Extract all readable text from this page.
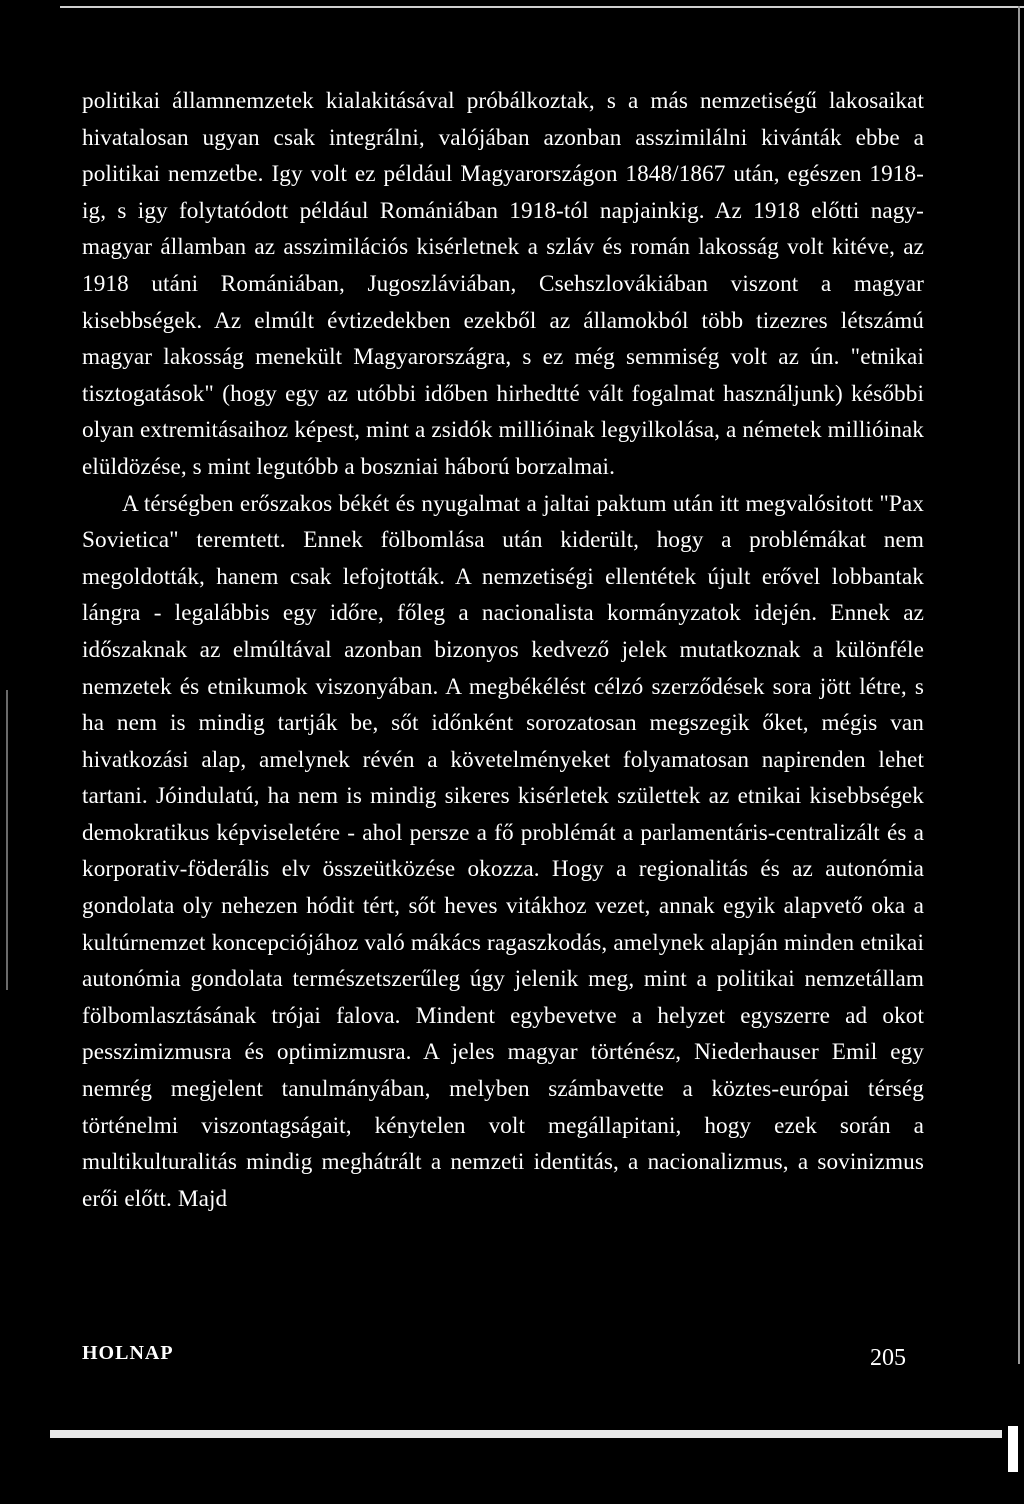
politikai államnemzetek kialakitásával próbálkoztak, s a más nemzetiségű lakosaikat hivatalosan ugyan csak integrálni, valójában azonban asszimilálni kivánták ebbe a politikai nemzetbe. Igy volt ez például Magyarországon 1848/1867 után, egészen 1918-ig, s igy folytatódott például Romániában 1918-tól napjainkig. Az 1918 előtti nagy-magyar államban az asszimilációs kisérletnek a szláv és román lakosság volt kitéve, az 1918 utáni Romániában, Jugoszláviában, Csehszlovákiában viszont a magyar kisebbségek. Az elmúlt évtizedekben ezekből az államokból több tizezres létszámú magyar lakosság menekült Magyarországra, s ez még semmiség volt az ún. "etnikai tisztogatások" (hogy egy az utóbbi időben hirhedtté vált fogalmat használjunk) későbbi olyan extremitásaihoz képest, mint a zsidók millióinak legyilkolása, a németek millióinak elüldözése, s mint legutóbb a boszniai háború borzalmai.

A térségben erőszakos békét és nyugalmat a jaltai paktum után itt megvalósitott "Pax Sovietica" teremtett. Ennek fölbomlása után kiderült, hogy a problémákat nem megoldották, hanem csak lefojtották. A nemzetiségi ellentétek újult erővel lobbantak lángra - legalábbis egy időre, főleg a nacionalista kormányzatok idején. Ennek az időszaknak az elmúltával azonban bizonyos kedvező jelek mutatkoznak a különféle nemzetek és etnikumok viszonyában. A megbékélést célzó szerződések sora jött létre, s ha nem is mindig tartják be, sőt időnként sorozatosan megszegik őket, mégis van hivatkozási alap, amelynek révén a követelményeket folyamatosan napirenden lehet tartani. Jóindulatú, ha nem is mindig sikeres kisérletek születtek az etnikai kisebbségek demokratikus képviseletére - ahol persze a fő problémát a parlamentáris-centralizált és a korporativ-föderális elv összeütközése okozza. Hogy a regionalitás és az autonómia gondolata oly nehezen hódit tért, sőt heves vitákhoz vezet, annak egyik alapvető oka a kultúrnemzet koncepciójához való mákács ragaszkodás, amelynek alapján minden etnikai autonómia gondolata természetszerűleg úgy jelenik meg, mint a politikai nemzetállam fölbomlasztásának trójai falova. Mindent egybevetve a helyzet egyszerre ad okot pesszimizmusra és optimizmusra. A jeles magyar történész, Niederhauser Emil egy nemrég megjelent tanulmányában, melyben számbavette a köztes-európai térség történelmi viszontagságait, kénytelen volt megállapitani, hogy ezek során a multikulturalitás mindig meghátrált a nemzeti identitás, a nacionalizmus, a sovinizmus erői előtt. Majd

HOLNAP	205
